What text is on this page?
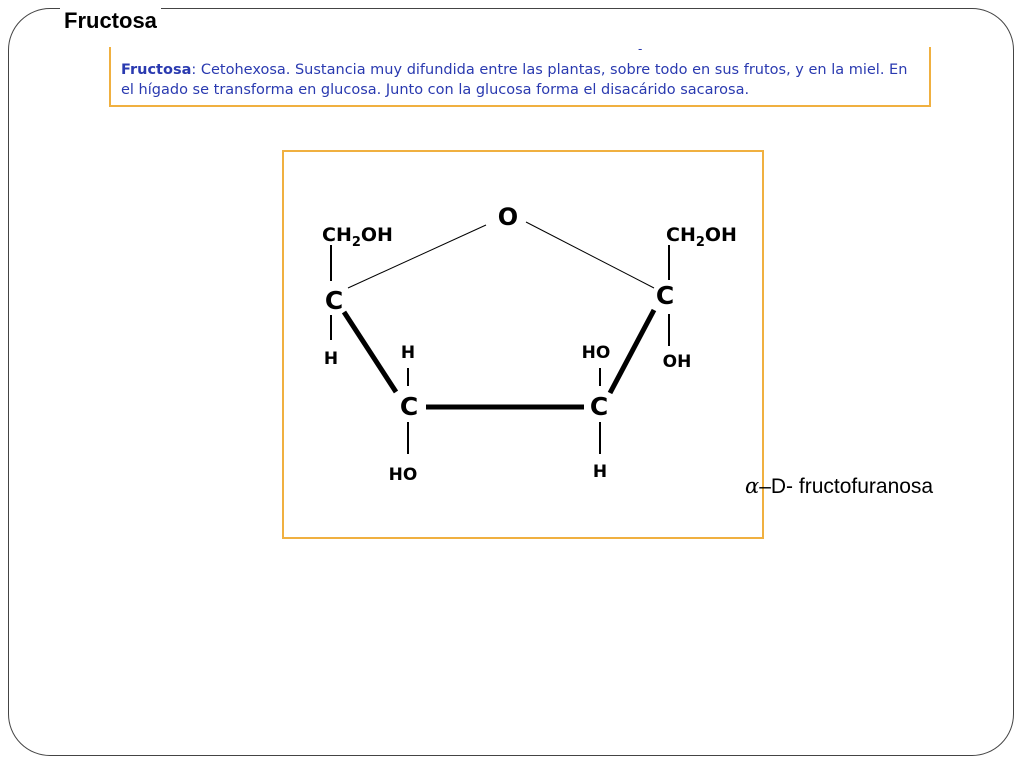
Fructosa
-

Fructosa: Cetohexosa. Sustancia muy difundida entre las plantas, sobre todo en sus frutos, y en la miel. En el hígado se transforma en glucosa. Junto con la glucosa forma el disacárido sacarosa.

O
$CH_2OH$	$CH_2OH$
C
C	C
C
H	H
HO
HO
H
OH
α–D- fructofuranosa
